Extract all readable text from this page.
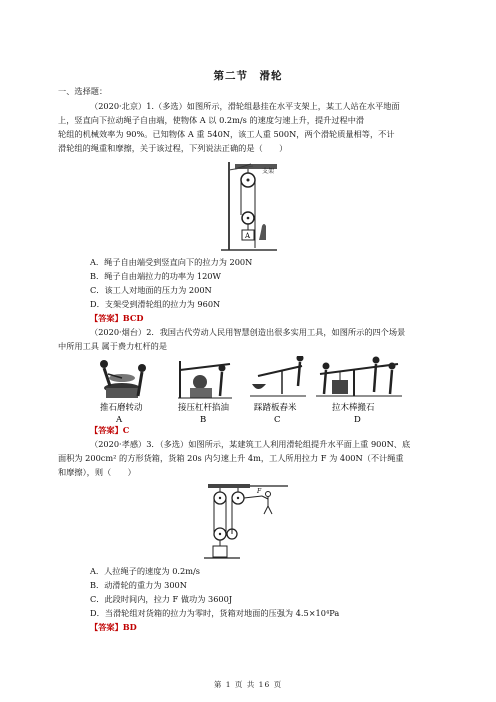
第二节　滑轮
一、选择题：
（2020·北京）1.（多选）如图所示，滑轮组悬挂在水平支架上，某工人站在水平地面
上，竖直向下拉动绳子自由端，使物体 A 以 0.2m/s 的速度匀速上升，提升过程中滑
轮组的机械效率为 90%。已知物体 A 重 540N，该工人重 500N，两个滑轮质量相等，不计
滑轮组的绳重和摩擦，关于该过程，下列说法正确的是（　　）
A
支架
A．绳子自由端受到竖直向下的拉力为 200N
B．绳子自由端拉力的功率为 120W
C．该工人对地面的压力为 200N
D．支架受到滑轮组的拉力为 960N
【答案】BCD
（2020·烟台）2．我国古代劳动人民用智慧创造出很多实用工具，如图所示的四个场景
中所用工具 属于费力杠杆的是
推石磨转动	接压杠杆掐油	踩踏板舂米	拉木棒搬石
A	B	C	D
【答案】C
（2020·孝感）3．（多选）如图所示，某建筑工人利用滑轮组提升水平面上重 900N、底
面积为 200cm² 的方形货箱，货箱 20s 内匀速上升 4m，工人所用拉力 F 为 400N（不计绳重
和摩擦），则（　　）
F
A．人拉绳子的速度为 0.2m/s
B．动滑轮的重力为 300N
C．此段时间内，拉力 F 做功为 3600J
D．当滑轮组对货箱的拉力为零时，货箱对地面的压强为 4.5×10⁴Pa
【答案】BD
第 1 页 共 16 页
